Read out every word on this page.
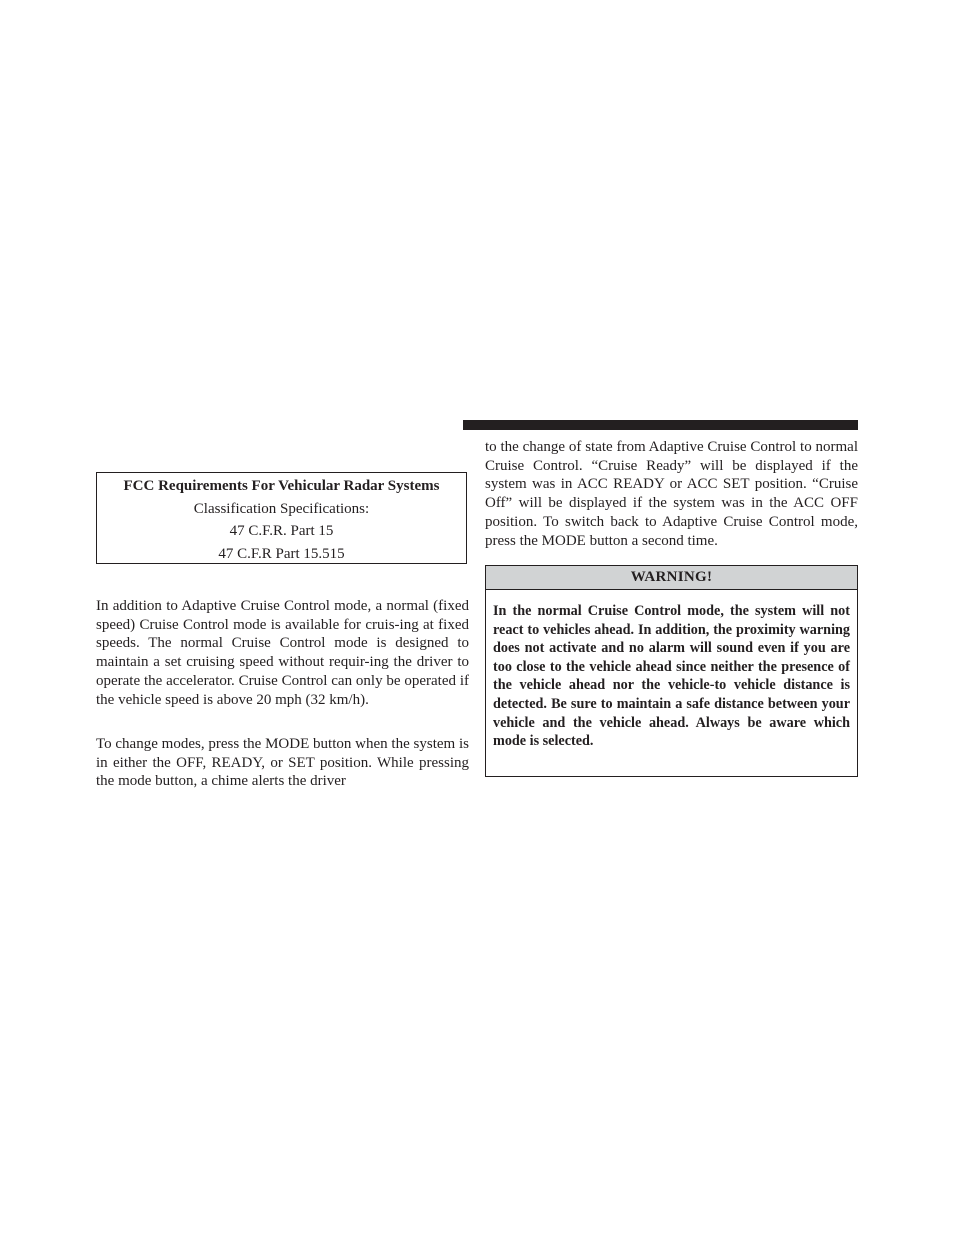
FCC Requirements For Vehicular Radar Systems
Classification Specifications:
47 C.F.R. Part 15
47 C.F.R Part 15.515

In addition to Adaptive Cruise Control mode, a normal (fixed speed) Cruise Control mode is available for cruis-ing at fixed speeds. The normal Cruise Control mode is designed to maintain a set cruising speed without requir-ing the driver to operate the accelerator. Cruise Control can only be operated if the vehicle speed is above 20 mph (32 km/h).

To change modes, press the MODE button when the system is in either the OFF, READY, or SET position. While pressing the mode button, a chime alerts the driver

to the change of state from Adaptive Cruise Control to normal Cruise Control. “Cruise Ready” will be displayed if the system was in ACC READY or ACC SET position. “Cruise Off” will be displayed if the system was in the ACC OFF position. To switch back to Adaptive Cruise Control mode, press the MODE button a second time.

WARNING!

In the normal Cruise Control mode, the system will not react to vehicles ahead. In addition, the proximity warning does not activate and no alarm will sound even if you are too close to the vehicle ahead since neither the presence of the vehicle ahead nor the vehicle-to vehicle distance is detected. Be sure to maintain a safe distance between your vehicle and the vehicle ahead. Always be aware which mode is selected.
